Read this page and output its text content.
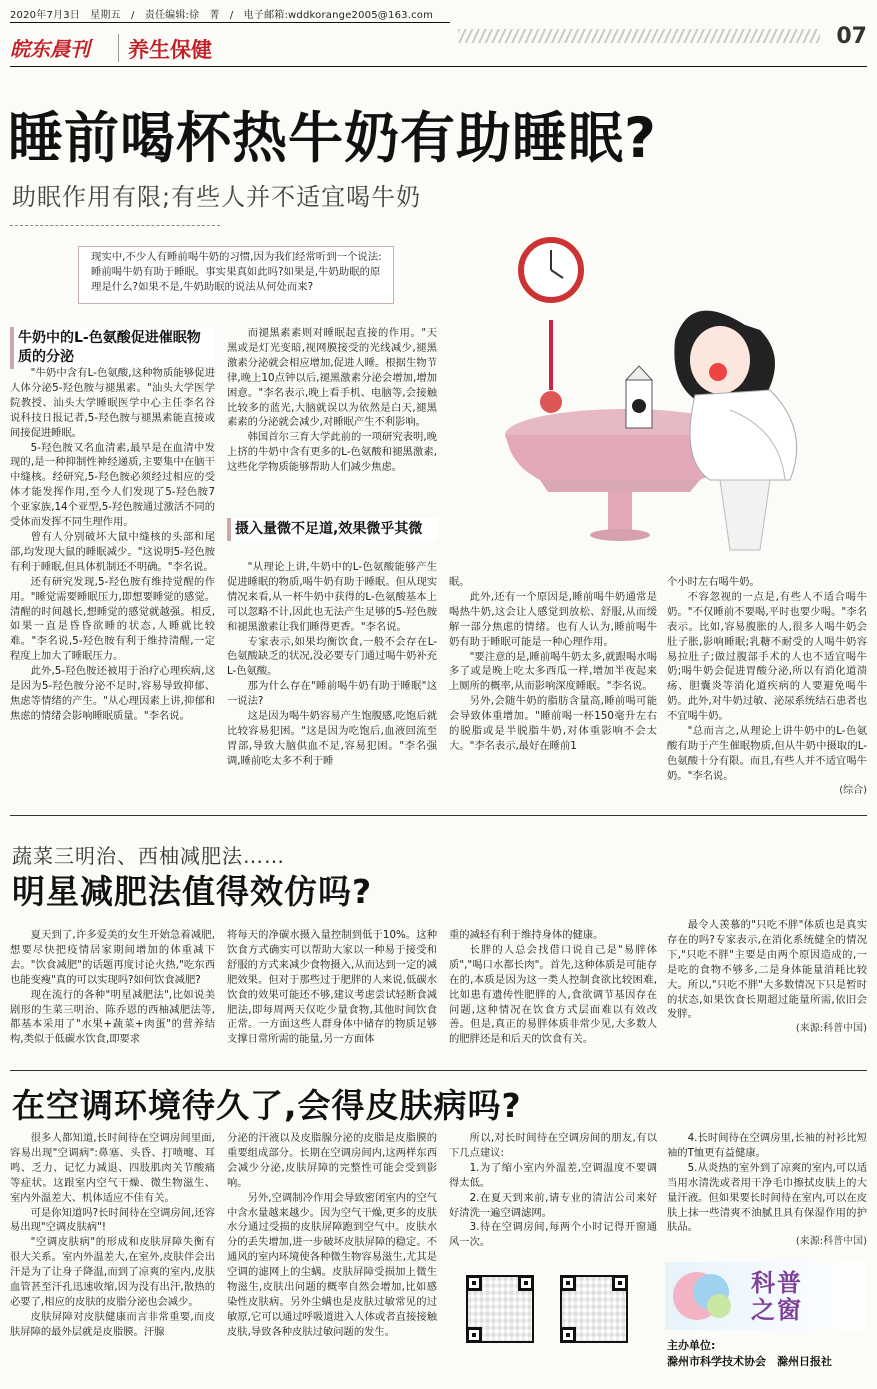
2020年7月3日　星期五　/　责任编辑:徐　菁　/　电子邮箱:wddkorange2005@163.com
皖东晨刊 养生保健
07
睡前喝杯热牛奶有助睡眠?
助眠作用有限;有些人并不适宜喝牛奶
现实中,不少人有睡前喝牛奶的习惯,因为我们经常听到一个说法:睡前喝牛奶有助于睡眠。事实果真如此吗?如果是,牛奶助眠的原理是什么?如果不是,牛奶助眠的说法从何处而来?
牛奶中的L-色氨酸促进催眠物质的分泌

"牛奶中含有L-色氨酸,这种物质能够促进人体分泌5-羟色胺与褪黑素。"汕头大学医学院教授、汕头大学睡眠医学中心主任李名谷说科技日报记者,5-羟色胺与褪黑素能直接或间接促进睡眠。

5-羟色胺又名血清素,最早是在血清中发现的,是一种抑制性神经递质,主要集中在脑干中缝核。经研究,5-羟色胺必须经过相应的受体才能发挥作用,至今人们发现了5-羟色胺7个亚家族,14个亚型,5-羟色胺通过激活不同的受体而发挥不同生理作用。

曾有人分别破坏大鼠中缝核的头部和尾部,均发现大鼠的睡眠减少。"这说明5-羟色胺有利于睡眠,但具体机制还不明确。"李名说。

还有研究发现,5-羟色胺有维持觉醒的作用。"睡觉需要睡眠压力,即想要睡觉的感觉。清醒的时间越长,想睡觉的感觉就越强。相反,如果一直是昏昏欲睡的状态,人睡就比较难。"李名说,5-羟色胺有利于维持清醒,一定程度上加大了睡眠压力。

此外,5-羟色胺还被用于治疗心理疾病,这是因为5-羟色胺分泌不足时,容易导致抑郁、焦虑等情绪的产生。"从心理因素上讲,抑郁和焦虑的情绪会影响睡眠质量。"李名说。

而褪黑素素则对睡眠起直接的作用。"天黑或是灯光变暗,视网膜接受的光线减少,褪黑激素分泌就会相应增加,促进人睡。根据生物节律,晚上10点钟以后,褪黑激素分泌会增加,增加困意。"李名表示,晚上看手机、电脑等,会接触比较多的蓝光,大脑就误以为依然是白天,褪黑素素的分泌就会减少,对睡眠产生不利影响。

韩国首尔三育大学此前的一项研究表明,晚上挤的牛奶中含有更多的L-色氨酸和褪黑激素,这些化学物质能够帮助人们减少焦虑。

摄入量微不足道,效果微乎其微

"从理论上讲,牛奶中的L-色氨酸能够产生促进睡眠的物质,喝牛奶有助于睡眠。但从现实情况来看,从一杯牛奶中获得的L-色氨酸基本上可以忽略不计,因此也无法产生足够的5-羟色胺和褪黑激素让我们睡得更香。"李名说。

专家表示,如果均衡饮食,一般不会存在L-色氨酸缺乏的状况,没必要专门通过喝牛奶补充L-色氨酸。

那为什么存在"睡前喝牛奶有助于睡眠"这一说法?

这是因为喝牛奶容易产生饱腹感,吃饱后就比较容易犯困。"这是因为吃饱后,血液回流至胃部,导致大脑供血不足,容易犯困。"李名强调,睡前吃太多不利于睡

眠。

此外,还有一个原因是,睡前喝牛奶通常是喝热牛奶,这会让人感觉到放松、舒服,从而缓解一部分焦虑的情绪。也有人认为,睡前喝牛奶有助于睡眠可能是一种心理作用。

"要注意的是,睡前喝牛奶太多,就跟喝水喝多了或是晚上吃太多西瓜一样,增加半夜起来上厕所的概率,从而影响深度睡眠。"李名说。

另外,会随牛奶的脂肪含量高,睡前喝可能会导致体重增加。"睡前喝一杯150毫升左右的脱脂或是半脱脂牛奶,对体重影响不会太大。"李名表示,最好在睡前1

个小时左右喝牛奶。

不容忽视的一点是,有些人不适合喝牛奶。"不仅睡前不要喝,平时也要少喝。"李名表示。比如,容易腹胀的人,很多人喝牛奶会肚子胀,影响睡眠;乳糖不耐受的人喝牛奶容易拉肚子;做过腹部手术的人也不适宜喝牛奶;喝牛奶会促进胃酸分泌,所以有消化道溃疡、胆囊炎等消化道疾病的人要避免喝牛奶。此外,对牛奶过敏、泌尿系统结石患者也不宜喝牛奶。

"总而言之,从理论上讲牛奶中的L-色氨酸有助于产生催眠物质,但从牛奶中摄取的L-色氨酸十分有限。而且,有些人并不适宜喝牛奶。"李名说。

(综合)
蔬菜三明治、西柚减肥法……
明星减肥法值得效仿吗?

夏天到了,许多爱美的女生开始急着减肥,想要尽快把疫情居家期间增加的体重减下去。"饮食减肥"的话题再度讨论火热,"吃东西也能变瘦"真的可以实现吗?如何饮食减肥?

现在流行的各种"明星减肥法",比如说美剧形的生菜三明治、陈乔恩的西柚减肥法等,都基本采用了"水果+蔬菜+肉蛋"的营养结构,类似于低碳水饮食,即要求

将每天的净碳水摄入量控制到低于10%。这种饮食方式确实可以帮助大家以一种易于接受和舒服的方式来减少食物摄入,从而达到一定的减肥效果。但对于那些过于肥胖的人来说,低碳水饮食的效果可能还不够,建议考虑尝试轻断食减肥法,即每周两天仅吃少量食物,其他时间饮食正常。一方面这些人群身体中储存的物质足够支撑日常所需的能量,另一方面体

重的减轻有利于维持身体的健康。

长胖的人总会找借口说自己是"易胖体质","喝口水都长肉"。首先,这种体质是可能存在的,本质是因为这一类人控制食欲比较困难,比如患有遗传性肥胖的人,食欲调节基因存在问题,这种情况在饮食方式层面难以有效改善。但是,真正的易胖体质非常少见,大多数人的肥胖还是和后天的饮食有关。

最令人羡慕的"只吃不胖"体质也是真实存在的吗?专家表示,在消化系统健全的情况下,"只吃不胖"主要是由两个原因造成的,一是吃的食物不够多,二是身体能量消耗比较大。所以,"只吃不胖"大多数情况下只是暂时的状态,如果饮食长期超过能量所需,依旧会发胖。

(来源:科普中国)
在空调环境待久了,会得皮肤病吗?

很多人都知道,长时间待在空调房间里面,容易出现"空调病":鼻塞、头昏、打喷嚏、耳鸣、乏力、记忆力减退、四肢肌肉关节酸痛等症状。这跟室内空气干燥、微生物滋生、室内外温差大、机体适应不佳有关。

可是你知道吗?长时间待在空调房间,还容易出现"空调皮肤病"!

"空调皮肤病"的形成和皮肤屏障失衡有很大关系。室内外温差大,在室外,皮肤伴会出汗是为了让身子降温,而到了凉爽的室内,皮肤血管甚至汗孔迅速收缩,因为没有出汗,散热的必要了,相应的皮肤的皮脂分泌也会减少。

皮肤屏障对皮肤健康而言非常重要,而皮肤屏障的最外层就是皮脂膜。汗腺

分泌的汗液以及皮脂腺分泌的皮脂是皮脂膜的重要组成部分。长期在空调房间内,这两样东西会减少分泌,皮肤屏障的完整性可能会受到影响。

另外,空调制冷作用会导致密闭室内的空气中含水量越来越少。因为空气干燥,更多的皮肤水分通过受损的皮肤屏障跑到空气中。皮肤水分的丢失增加,进一步破坏皮肤屏障的稳定。不通风的室内环境使各种微生物容易滋生,尤其是空调的滤网上的尘螨。皮肤屏障受损加上微生物滋生,皮肤出问题的概率自然会增加,比如感染性皮肤病。另外尘螨也是皮肤过敏常见的过敏原,它可以通过呼吸道进入人体或者直接接触皮肤,导致各种皮肤过敏问题的发生。

所以,对长时间待在空调房间的朋友,有以下几点建议:

1.为了缩小室内外温差,空调温度不要调得太低。

2.在夏天到来前,请专业的清洁公司来好好清洗一遍空调滤网。

3.待在空调房间,每两个小时记得开窗通风一次。

4.长时间待在空调房里,长袖的衬衫比短袖的T恤更有益健康。

5.从炎热的室外到了凉爽的室内,可以适当用水清洗或者用干净毛巾擦拭皮肤上的大量汗液。但如果要长时间待在室内,可以在皮肤上抹一些清爽不油腻且具有保湿作用的护肤品。

(来源:科普中国)
科普之窗
主办单位:
滁州市科学技术协会　滁州日报社
